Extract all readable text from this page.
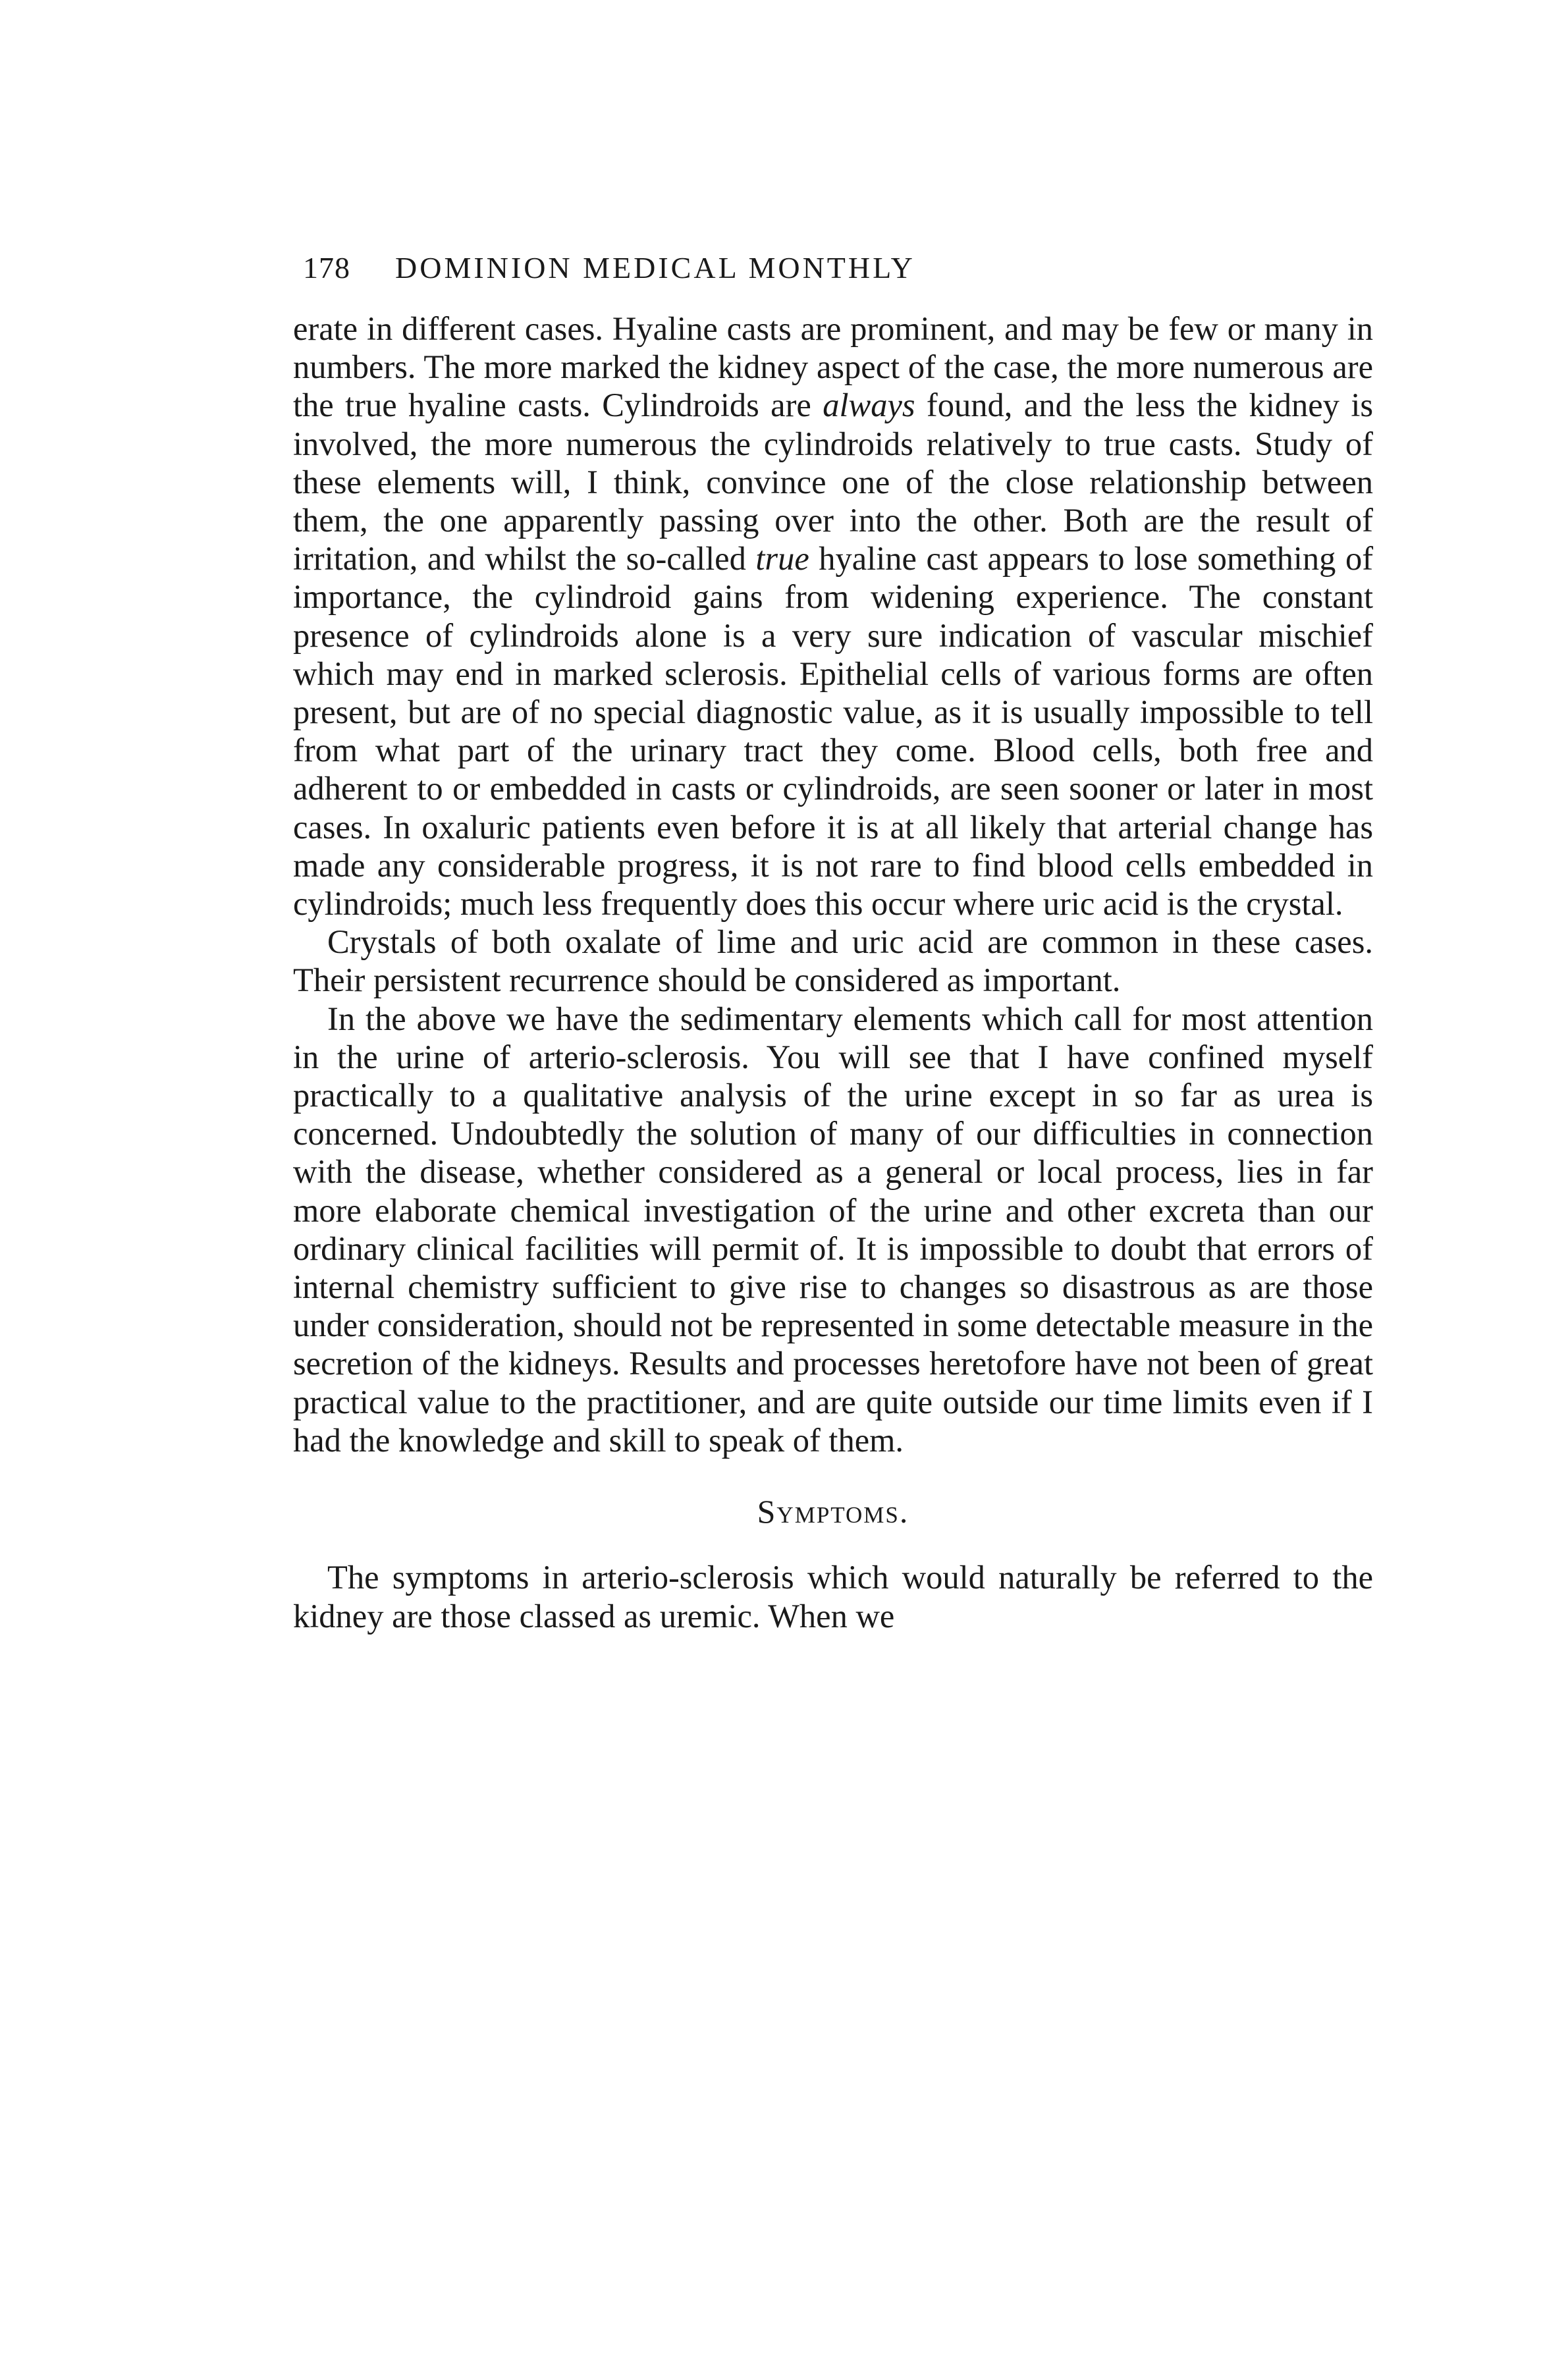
178 DOMINION MEDICAL MONTHLY

erate in different cases. Hyaline casts are prominent, and may be few or many in numbers. The more marked the kidney aspect of the case, the more numerous are the true hyaline casts. Cylindroids are always found, and the less the kidney is involved, the more numerous the cylindroids relatively to true casts. Study of these elements will, I think, convince one of the close relationship between them, the one apparently passing over into the other. Both are the result of irritation, and whilst the so-called true hyaline cast appears to lose something of importance, the cylindroid gains from widening experience. The constant presence of cylindroids alone is a very sure indication of vascular mischief which may end in marked sclerosis. Epithelial cells of various forms are often present, but are of no special diagnostic value, as it is usually impossible to tell from what part of the urinary tract they come. Blood cells, both free and adherent to or embedded in casts or cylindroids, are seen sooner or later in most cases. In oxaluric patients even before it is at all likely that arterial change has made any considerable progress, it is not rare to find blood cells embedded in cylindroids; much less frequently does this occur where uric acid is the crystal.

Crystals of both oxalate of lime and uric acid are common in these cases. Their persistent recurrence should be considered as important.

In the above we have the sedimentary elements which call for most attention in the urine of arterio-sclerosis. You will see that I have confined myself practically to a qualitative analysis of the urine except in so far as urea is concerned. Undoubtedly the solution of many of our difficulties in connection with the disease, whether considered as a general or local process, lies in far more elaborate chemical investigation of the urine and other excreta than our ordinary clinical facilities will permit of. It is impossible to doubt that errors of internal chemistry sufficient to give rise to changes so disastrous as are those under consideration, should not be represented in some detectable measure in the secretion of the kidneys. Results and processes heretofore have not been of great practical value to the practitioner, and are quite outside our time limits even if I had the knowledge and skill to speak of them.

Symptoms.

The symptoms in arterio-sclerosis which would naturally be referred to the kidney are those classed as uremic. When we
